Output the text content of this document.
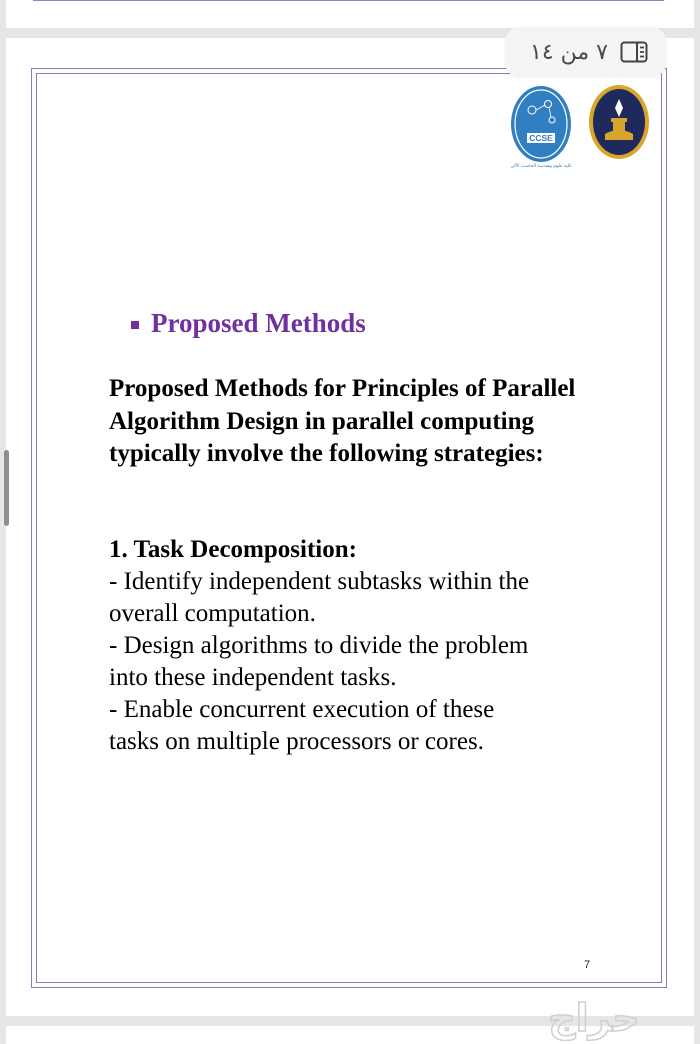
٧ من ١٤
CCSE
كلية علوم وهندسة الحاسب الآلي
Proposed Methods
Proposed Methods for Principles of Parallel Algorithm Design in parallel computing typically involve the following strategies:
1. Task Decomposition:
- Identify independent subtasks within the
overall computation.
- Design algorithms to divide the problem
into these independent tasks.
- Enable concurrent execution of these
tasks on multiple processors or cores.
7
حراج
